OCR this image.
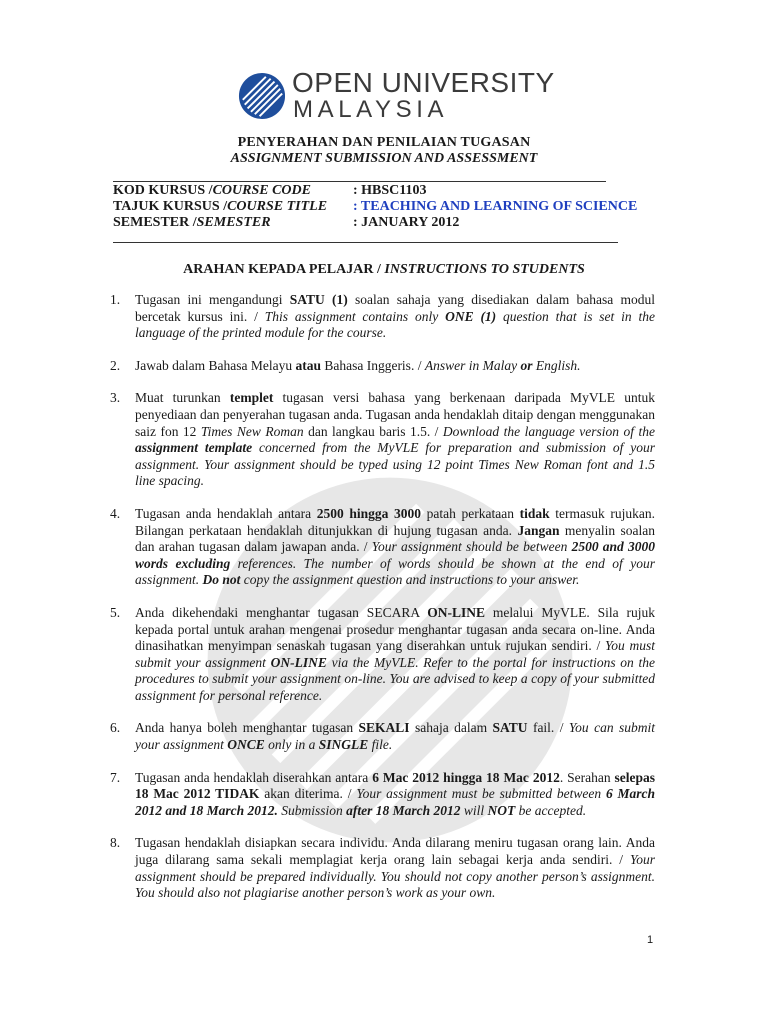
OPEN UNIVERSITY
MALAYSIA
PENYERAHAN DAN PENILAIAN TUGASAN
ASSIGNMENT SUBMISSION AND ASSESSMENT
KOD KURSUS /COURSE CODE	: HBSC1103
TAJUK KURSUS /COURSE TITLE : TEACHING AND LEARNING OF SCIENCE
SEMESTER /SEMESTER	: JANUARY 2012
ARAHAN KEPADA PELAJAR / INSTRUCTIONS TO STUDENTS
1. Tugasan ini mengandungi SATU (1) soalan sahaja yang disediakan dalam bahasa modul bercetak kursus ini. / This assignment contains only ONE (1) question that is set in the language of the printed module for the course.
2. Jawab dalam Bahasa Melayu atau Bahasa Inggeris. / Answer in Malay or English.
3. Muat turunkan templet tugasan versi bahasa yang berkenaan daripada MyVLE untuk penyediaan dan penyerahan tugasan anda. Tugasan anda hendaklah ditaip dengan menggunakan saiz fon 12 Times New Roman dan langkau baris 1.5. / Download the language version of the assignment template concerned from the MyVLE for preparation and submission of your assignment. Your assignment should be typed using 12 point Times New Roman font and 1.5 line spacing.
4. Tugasan anda hendaklah antara 2500 hingga 3000 patah perkataan tidak termasuk rujukan. Bilangan perkataan hendaklah ditunjukkan di hujung tugasan anda. Jangan menyalin soalan dan arahan tugasan dalam jawapan anda. / Your assignment should be between 2500 and 3000 words excluding references. The number of words should be shown at the end of your assignment. Do not copy the assignment question and instructions to your answer.
5. Anda dikehendaki menghantar tugasan SECARA ON-LINE melalui MyVLE. Sila rujuk kepada portal untuk arahan mengenai prosedur menghantar tugasan anda secara on-line. Anda dinasihatkan menyimpan senaskah tugasan yang diserahkan untuk rujukan sendiri. / You must submit your assignment ON-LINE via the MyVLE. Refer to the portal for instructions on the procedures to submit your assignment on-line. You are advised to keep a copy of your submitted assignment for personal reference.
6. Anda hanya boleh menghantar tugasan SEKALI sahaja dalam SATU fail. / You can submit your assignment ONCE only in a SINGLE file.
7. Tugasan anda hendaklah diserahkan antara 6 Mac 2012 hingga 18 Mac 2012. Serahan selepas 18 Mac 2012 TIDAK akan diterima. / Your assignment must be submitted between 6 March 2012 and 18 March 2012. Submission after 18 March 2012 will NOT be accepted.
8. Tugasan hendaklah disiapkan secara individu. Anda dilarang meniru tugasan orang lain. Anda juga dilarang sama sekali memplagiat kerja orang lain sebagai kerja anda sendiri. / Your assignment should be prepared individually. You should not copy another person’s assignment. You should also not plagiarise another person’s work as your own.
1
